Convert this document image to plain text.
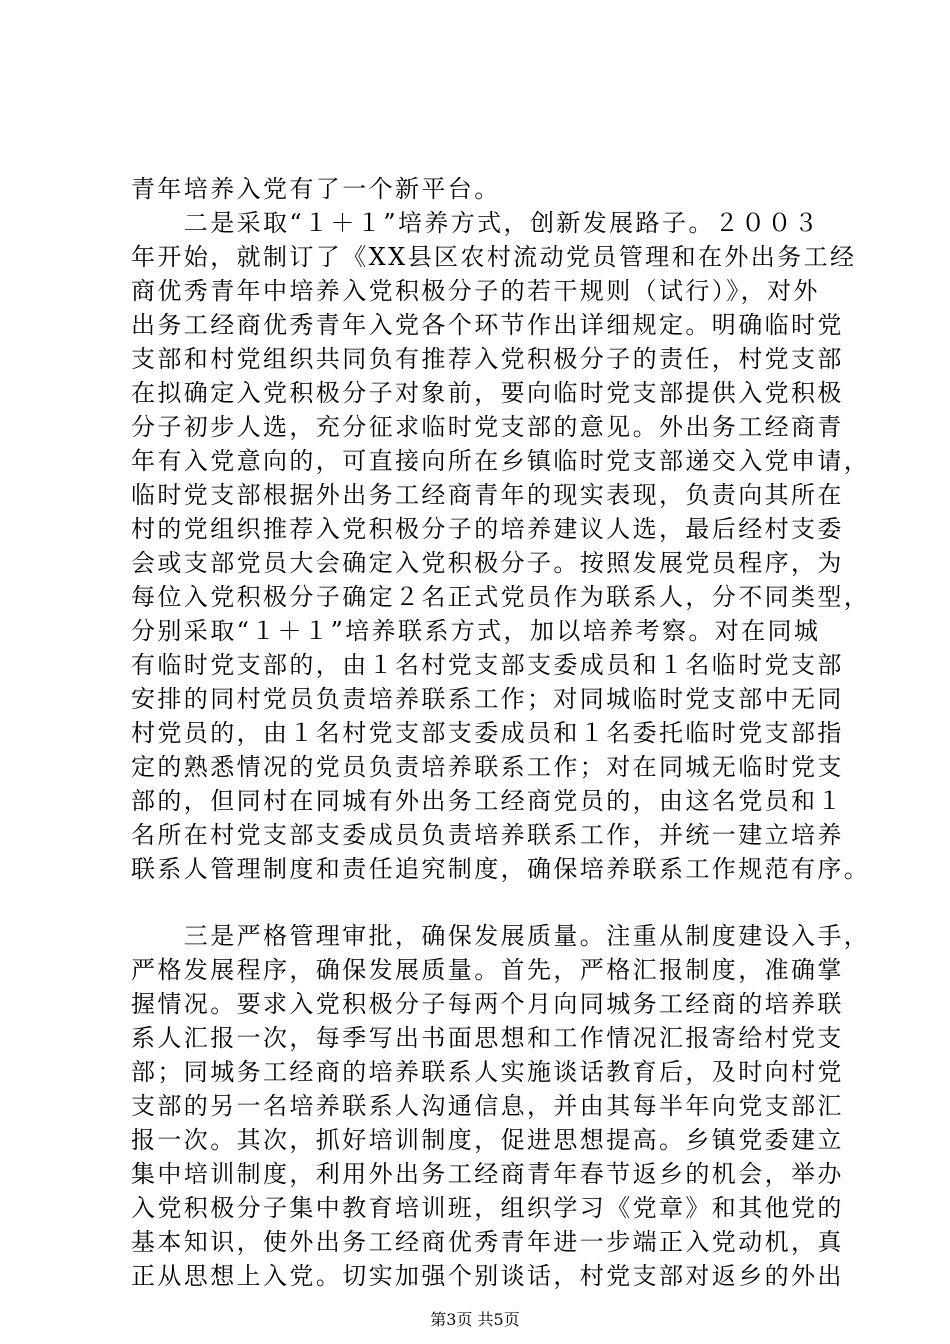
青年培养入党有了一个新平台。
　　二是采取“１＋１”培养方式，创新发展路子。２００３
年开始，就制订了《XX县区农村流动党员管理和在外出务工经
商优秀青年中培养入党积极分子的若干规则（试行）》，对外
出务工经商优秀青年入党各个环节作出详细规定。明确临时党
支部和村党组织共同负有推荐入党积极分子的责任，村党支部
在拟确定入党积极分子对象前，要向临时党支部提供入党积极
分子初步人选，充分征求临时党支部的意见。外出务工经商青
年有入党意向的，可直接向所在乡镇临时党支部递交入党申请，
临时党支部根据外出务工经商青年的现实表现，负责向其所在
村的党组织推荐入党积极分子的培养建议人选，最后经村支委
会或支部党员大会确定入党积极分子。按照发展党员程序，为
每位入党积极分子确定２名正式党员作为联系人，分不同类型，
分别采取“１＋１”培养联系方式，加以培养考察。对在同城
有临时党支部的，由１名村党支部支委成员和１名临时党支部
安排的同村党员负责培养联系工作；对同城临时党支部中无同
村党员的，由１名村党支部支委成员和１名委托临时党支部指
定的熟悉情况的党员负责培养联系工作；对在同城无临时党支
部的，但同村在同城有外出务工经商党员的，由这名党员和１
名所在村党支部支委成员负责培养联系工作，并统一建立培养
联系人管理制度和责任追究制度，确保培养联系工作规范有序。
　　三是严格管理审批，确保发展质量。注重从制度建设入手，
严格发展程序，确保发展质量。首先，严格汇报制度，准确掌
握情况。要求入党积极分子每两个月向同城务工经商的培养联
系人汇报一次，每季写出书面思想和工作情况汇报寄给村党支
部；同城务工经商的培养联系人实施谈话教育后，及时向村党
支部的另一名培养联系人沟通信息，并由其每半年向党支部汇
报一次。其次，抓好培训制度，促进思想提高。乡镇党委建立
集中培训制度，利用外出务工经商青年春节返乡的机会，举办
入党积极分子集中教育培训班，组织学习《党章》和其他党的
基本知识，使外出务工经商优秀青年进一步端正入党动机，真
正从思想上入党。切实加强个别谈话，村党支部对返乡的外出
第3页 共5页
